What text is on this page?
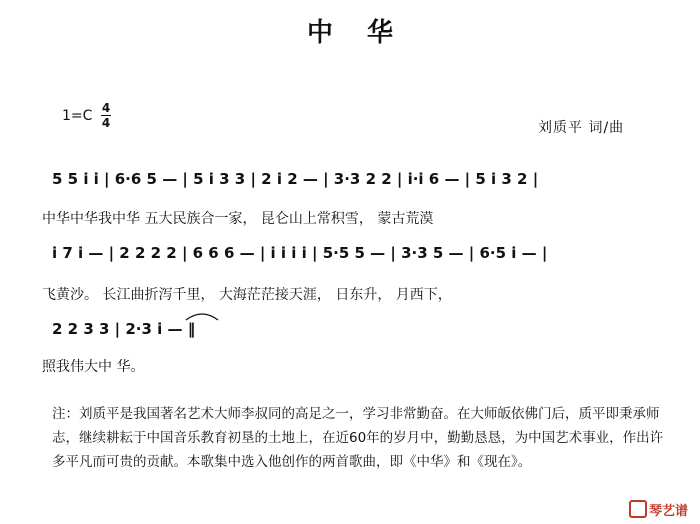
中华
1=C 4
4	刘质平 词/曲
5 5 i i | 6·6 5 — | 5 i 3 3 | 2 i 2 — | 3·3 2 2 | i·i 6 — | 5 i 3 2 |
中华中华我中华 五大民族合一家， 昆仑山上常积雪， 蒙古荒漠
i 7 i — | 2 2 2 2 | 6 6 6 — | i i i i | 5·5 5 — | 3·3 5 — | 6·5 i — |
飞黄沙。 长江曲折泻千里， 大海茫茫接天涯， 日东升， 月西下，
2 2 3 3 | 2·3 i — ‖
照我伟大中 华。
注：刘质平是我国著名艺术大师李叔同的高足之一，学习非常勤奋。在大师皈依佛门后，质平即秉承师志，继续耕耘于中国音乐教育初垦的土地上，在近60年的岁月中，勤勤恳恳，为中国艺术事业，作出许多平凡而可贵的贡献。本歌集中选入他创作的两首歌曲，即《中华》和《现在》。
琴艺谱
